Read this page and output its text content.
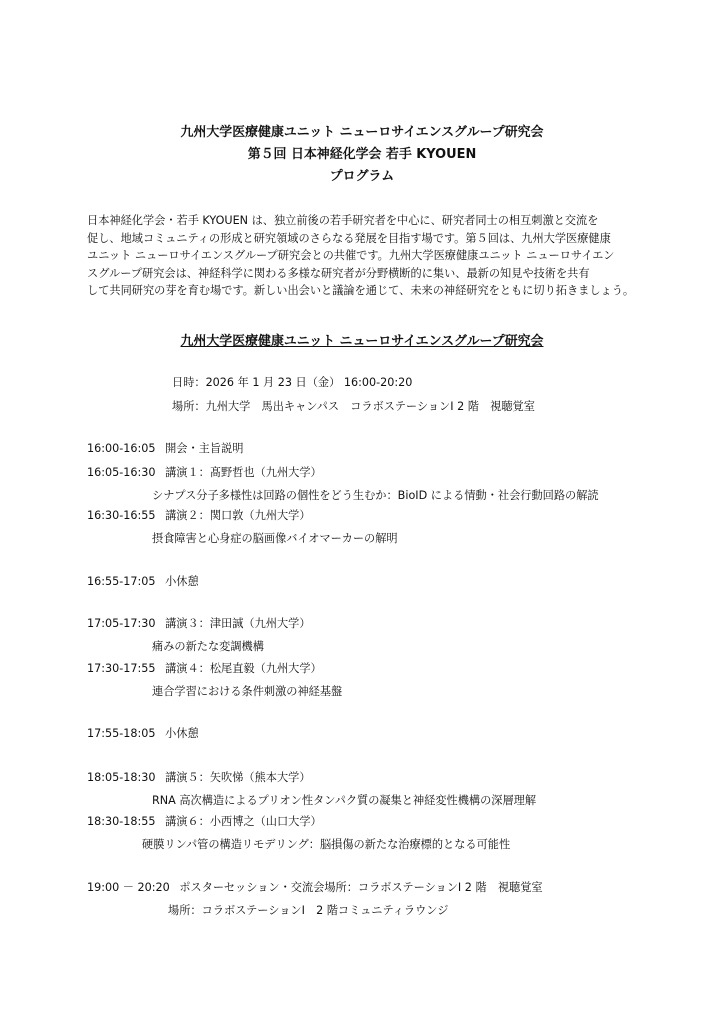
九州大学医療健康ユニット ニューロサイエンスグループ研究会
第５回 日本神経化学会 若手 KYOUEN
プログラム

日本神経化学会・若手 KYOUEN は、独立前後の若手研究者を中心に、研究者同士の相互刺激と交流を

促し、地域コミュニティの形成と研究領域のさらなる発展を目指す場です。第５回は、九州大学医療健康

ユニット ニューロサイエンスグループ研究会との共催です。九州大学医療健康ユニット ニューロサイエン

スグループ研究会は、神経科学に関わる多様な研究者が分野横断的に集い、最新の知見や技術を共有

して共同研究の芽を育む場です。新しい出会いと議論を通じて、未来の神経研究をともに切り拓きましょう。

九州大学医療健康ユニット ニューロサイエンスグループ研究会
日時：2026 年 1 月 23 日（金） 16:00-20:20
場所：九州大学　馬出キャンパス　コラボステーションⅠ 2 階　視聴覚室
16:00-16:05 開会・主旨説明
16:05-16:30 講演１：髙野哲也（九州大学）
シナプス分子多様性は回路の個性をどう生むか：BioID による情動・社会行動回路の解読
16:30-16:55 講演２：関口敦（九州大学）
摂食障害と心身症の脳画像バイオマーカーの解明
16:55-17:05 小休憩
17:05-17:30 講演３：津田誠（九州大学）
痛みの新たな変調機構
17:30-17:55 講演４：松尾直毅（九州大学）
連合学習における条件刺激の神経基盤
17:55-18:05 小休憩
18:05-18:30 講演５：矢吹悌（熊本大学）
RNA 高次構造によるプリオン性タンパク質の凝集と神経変性機構の深層理解
18:30-18:55 講演６：小西博之（山口大学）
硬膜リンパ管の構造リモデリング：脳損傷の新たな治療標的となる可能性
19:00 － 20:20 ポスターセッション・交流会場所：コラボステーションⅠ 2 階　視聴覚室
場所：コラボステーションⅠ　2 階コミュニティラウンジ
